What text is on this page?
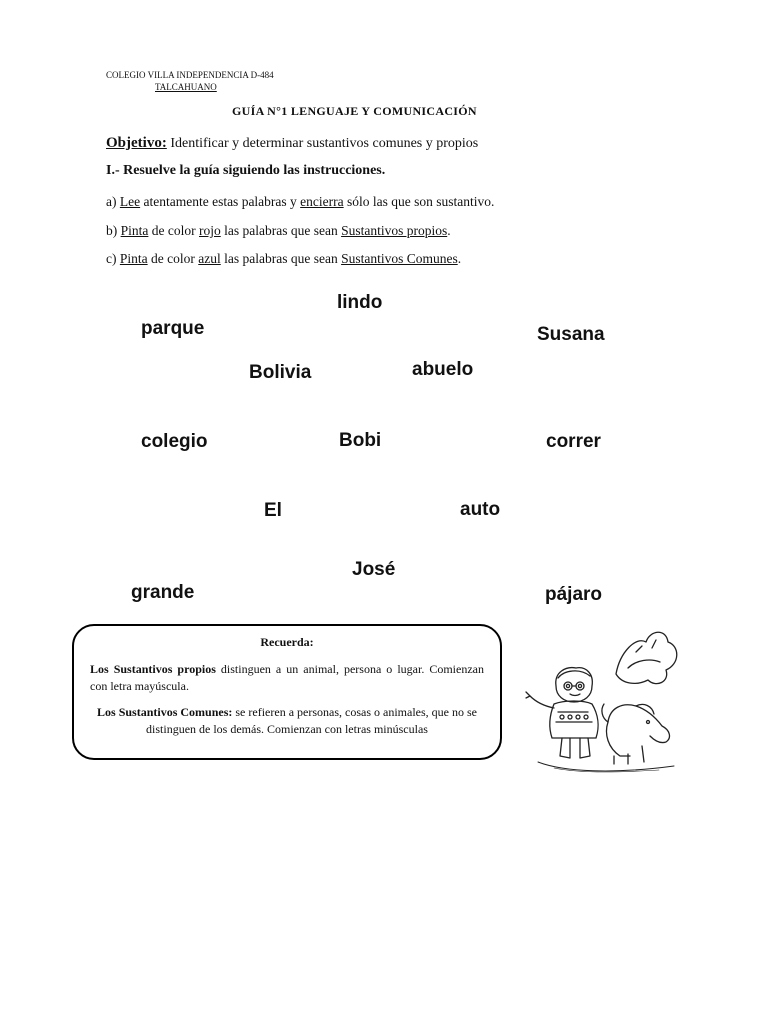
COLEGIO VILLA INDEPENDENCIA D-484
TALCAHUANO
GUÍA N°1 LENGUAJE Y COMUNICACIÓN
Objetivo: Identificar y determinar sustantivos comunes y propios
I.- Resuelve la guía siguiendo las instrucciones.
a) Lee atentamente estas palabras y encierra sólo las que son sustantivo.
b) Pinta de color rojo las palabras que sean Sustantivos propios.
c) Pinta de color azul las palabras que sean Sustantivos Comunes.
lindo
parque	Susana
Bolivia	abuelo
colegio	Bobi	correr
El	auto
José
grande	pájaro
Recuerda:
Los Sustantivos propios distinguen a un animal, persona o lugar. Comienzan con letra mayúscula.
Los Sustantivos Comunes: se refieren a personas, cosas o animales, que no se distinguen de los demás. Comienzan con letras minúsculas
